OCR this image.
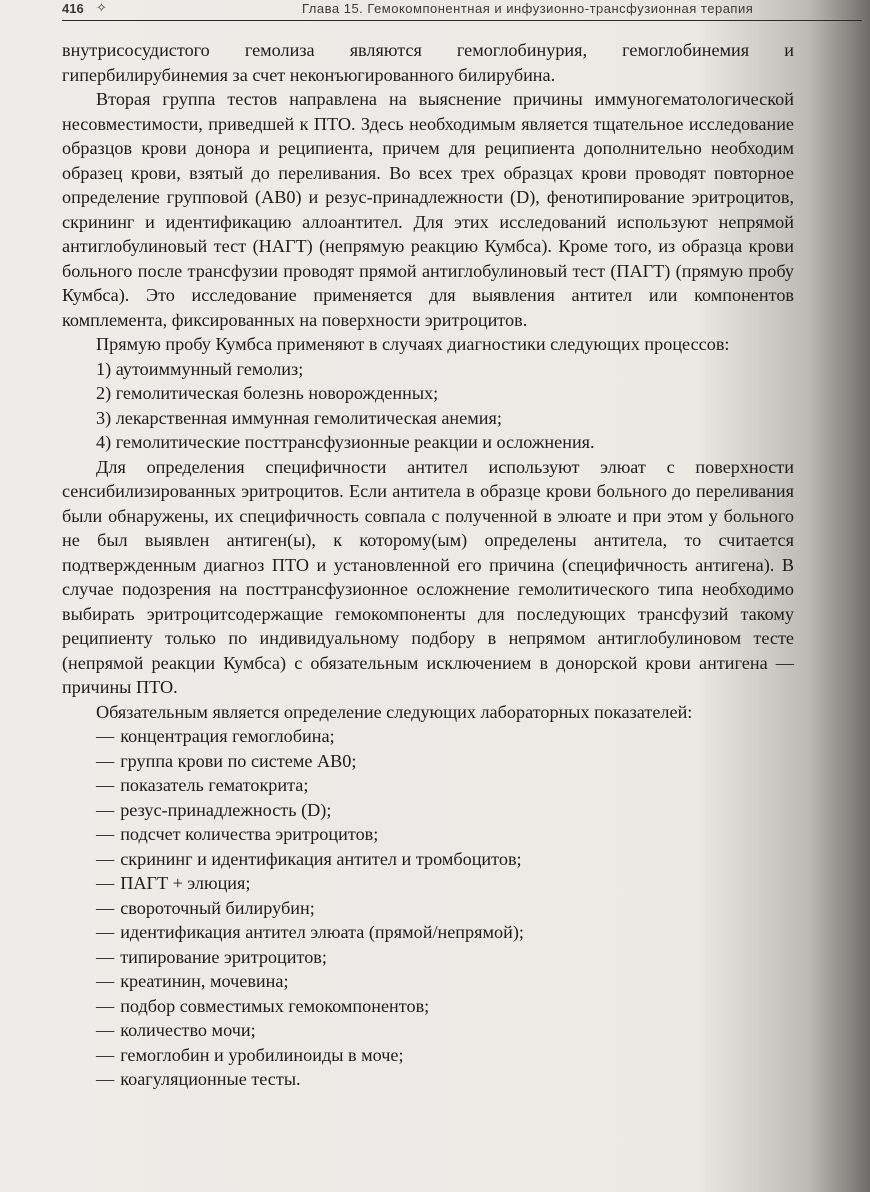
416 ✧	Глава 15. Гемокомпонентная и инфузионно-трансфузионная терапия

внутрисосудистого гемолиза являются гемоглобинурия, гемоглобинемия и гипербилирубинемия за счет неконъюгированного билирубина.

Вторая группа тестов направлена на выяснение причины иммуногематологической несовместимости, приведшей к ПТО. Здесь необходимым является тщательное исследование образцов крови донора и реципиента, причем для реципиента дополнительно необходим образец крови, взятый до переливания. Во всех трех образцах крови проводят повторное определение групповой (AB0) и резус-принадлежности (D), фенотипирование эритроцитов, скрининг и идентификацию аллоантител. Для этих исследований используют непрямой антиглобулиновый тест (НАГТ) (непрямую реакцию Кумбса). Кроме того, из образца крови больного после трансфузии проводят прямой антиглобулиновый тест (ПАГТ) (прямую пробу Кумбса). Это исследование применяется для выявления антител или компонентов комплемента, фиксированных на поверхности эритроцитов.

Прямую пробу Кумбса применяют в случаях диагностики следующих процессов:

1) аутоиммунный гемолиз;
2) гемолитическая болезнь новорожденных;
3) лекарственная иммунная гемолитическая анемия;
4) гемолитические посттрансфузионные реакции и осложнения.

Для определения специфичности антител используют элюат с поверхности сенсибилизированных эритроцитов. Если антитела в образце крови больного до переливания были обнаружены, их специфичность совпала с полученной в элюате и при этом у больного не был выявлен антиген(ы), к которому(ым) определены антитела, то считается подтвержденным диагноз ПТО и установленной его причина (специфичность антигена). В случае подозрения на посттрансфузионное осложнение гемолитического типа необходимо выбирать эритроцитсодержащие гемокомпоненты для последующих трансфузий такому реципиенту только по индивидуальному подбору в непрямом антиглобулиновом тесте (непрямой реакции Кумбса) с обязательным исключением в донорской крови антигена — причины ПТО.

Обязательным является определение следующих лабораторных показателей:

— концентрация гемоглобина;
— группа крови по системе AB0;
— показатель гематокрита;
— резус-принадлежность (D);
— подсчет количества эритроцитов;
— скрининг и идентификация антител и тромбоцитов;
— ПАГТ + элюция;
— свороточный билирубин;
— идентификация антител элюата (прямой/непрямой);
— типирование эритроцитов;
— креатинин, мочевина;
— подбор совместимых гемокомпонентов;
— количество мочи;
— гемоглобин и уробилиноиды в моче;
— коагуляционные тесты.
